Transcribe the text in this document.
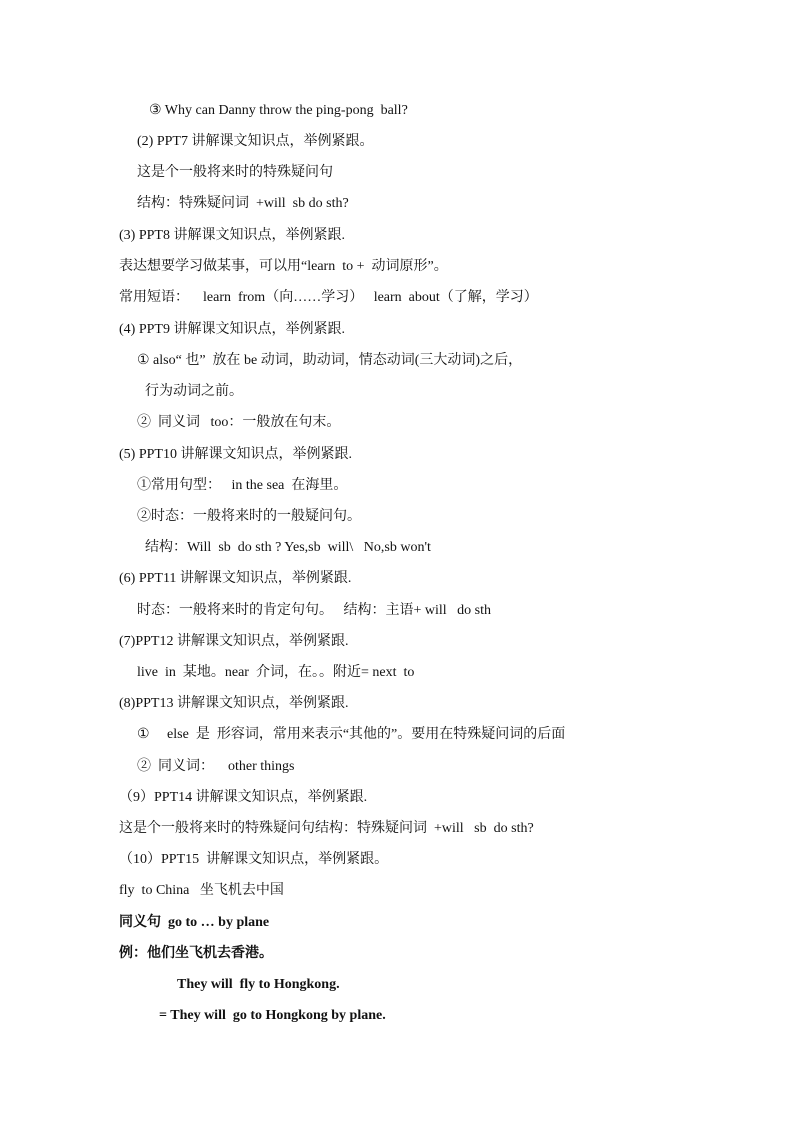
③ Why can Danny throw the ping-pong  ball?
(2) PPT7 讲解课文知识点，举例紧跟。
这是个一般将来时的特殊疑问句
结构：特殊疑问词  +will  sb do sth?
(3) PPT8 讲解课文知识点，举例紧跟.
表达想要学习做某事，可以用“learn  to +  动词原形”。
常用短语：    learn  from（向……学习）   learn  about（了解，学习）
(4) PPT9 讲解课文知识点，举例紧跟.
① also“ 也”  放在 be 动词，助动词，情态动词(三大动词)之后，
行为动词之前。
②  同义词   too：一般放在句末。
(5) PPT10 讲解课文知识点，举例紧跟.
①常用句型：   in the sea  在海里。
②时态：一般将来时的一般疑问句。
结构：Will  sb  do sth ? Yes,sb  will\   No,sb won't
(6) PPT11 讲解课文知识点，举例紧跟.
时态：一般将来时的肯定句句。   结构：主语+ will   do sth
(7)PPT12 讲解课文知识点，举例紧跟.
live  in  某地。near  介词，在。。附近= next  to
(8)PPT13 讲解课文知识点，举例紧跟.
①     else  是  形容词，常用来表示“其他的”。要用在特殊疑问词的后面
②  同义词：    other things
（9）PPT14 讲解课文知识点，举例紧跟.
这是个一般将来时的特殊疑问句结构：特殊疑问词  +will   sb  do sth?
（10）PPT15  讲解课文知识点，举例紧跟。
fly  to China   坐飞机去中国
同义句  go to … by plane
例：他们坐飞机去香港。
They will  fly to Hongkong.
= They will  go to Hongkong by plane.
